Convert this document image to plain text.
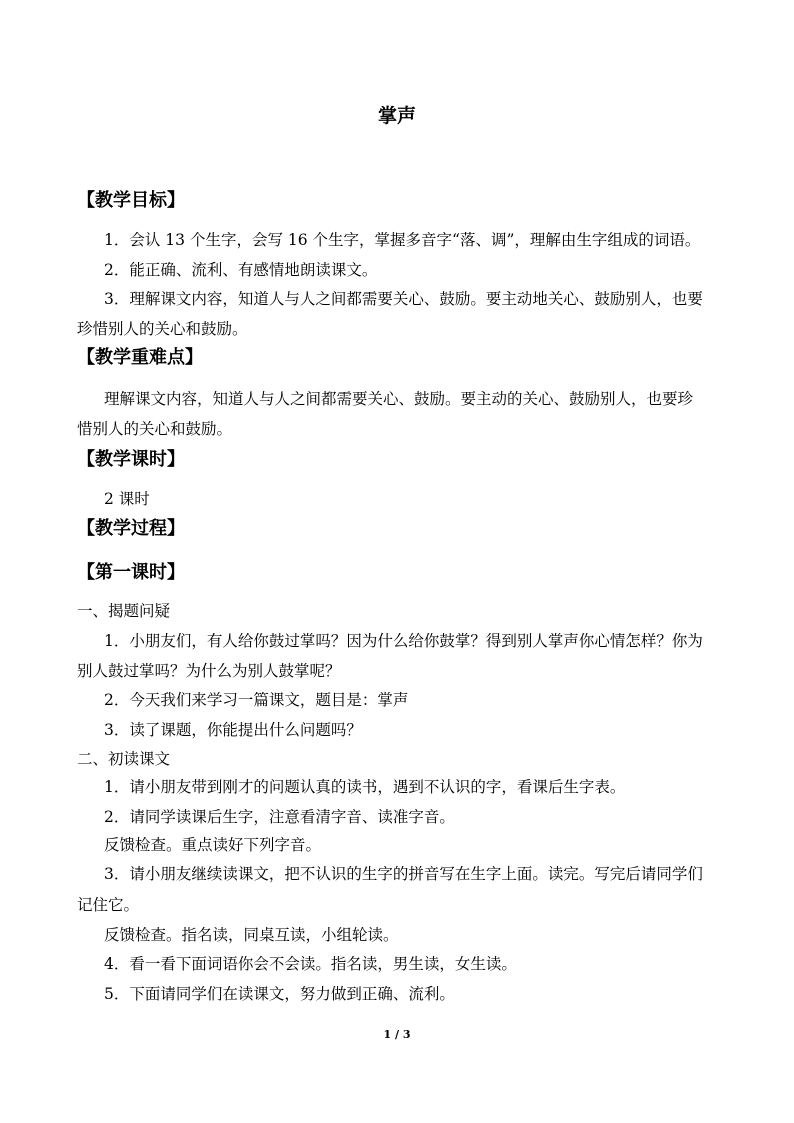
掌声
【教学目标】
1．会认 13 个生字，会写 16 个生字，掌握多音字“落、调”，理解由生字组成的词语。
2．能正确、流利、有感情地朗读课文。
3．理解课文内容，知道人与人之间都需要关心、鼓励。要主动地关心、鼓励别人，也要
珍惜别人的关心和鼓励。
【教学重难点】
理解课文内容，知道人与人之间都需要关心、鼓励。要主动的关心、鼓励别人，也要珍
惜别人的关心和鼓励。
【教学课时】
2 课时
【教学过程】
【第一课时】
一、揭题问疑
1．小朋友们，有人给你鼓过掌吗？因为什么给你鼓掌？得到别人掌声你心情怎样？你为
别人鼓过掌吗？为什么为别人鼓掌呢？
2．今天我们来学习一篇课文，题目是：掌声
3．读了课题，你能提出什么问题吗？
二、初读课文
1．请小朋友带到刚才的问题认真的读书，遇到不认识的字，看课后生字表。
2．请同学读课后生字，注意看清字音、读准字音。
反馈检查。重点读好下列字音。
3．请小朋友继续读课文，把不认识的生字的拼音写在生字上面。读完。写完后请同学们
记住它。
反馈检查。指名读，同桌互读，小组轮读。
4．看一看下面词语你会不会读。指名读，男生读，女生读。
5．下面请同学们在读课文，努力做到正确、流利。
1 / 3
